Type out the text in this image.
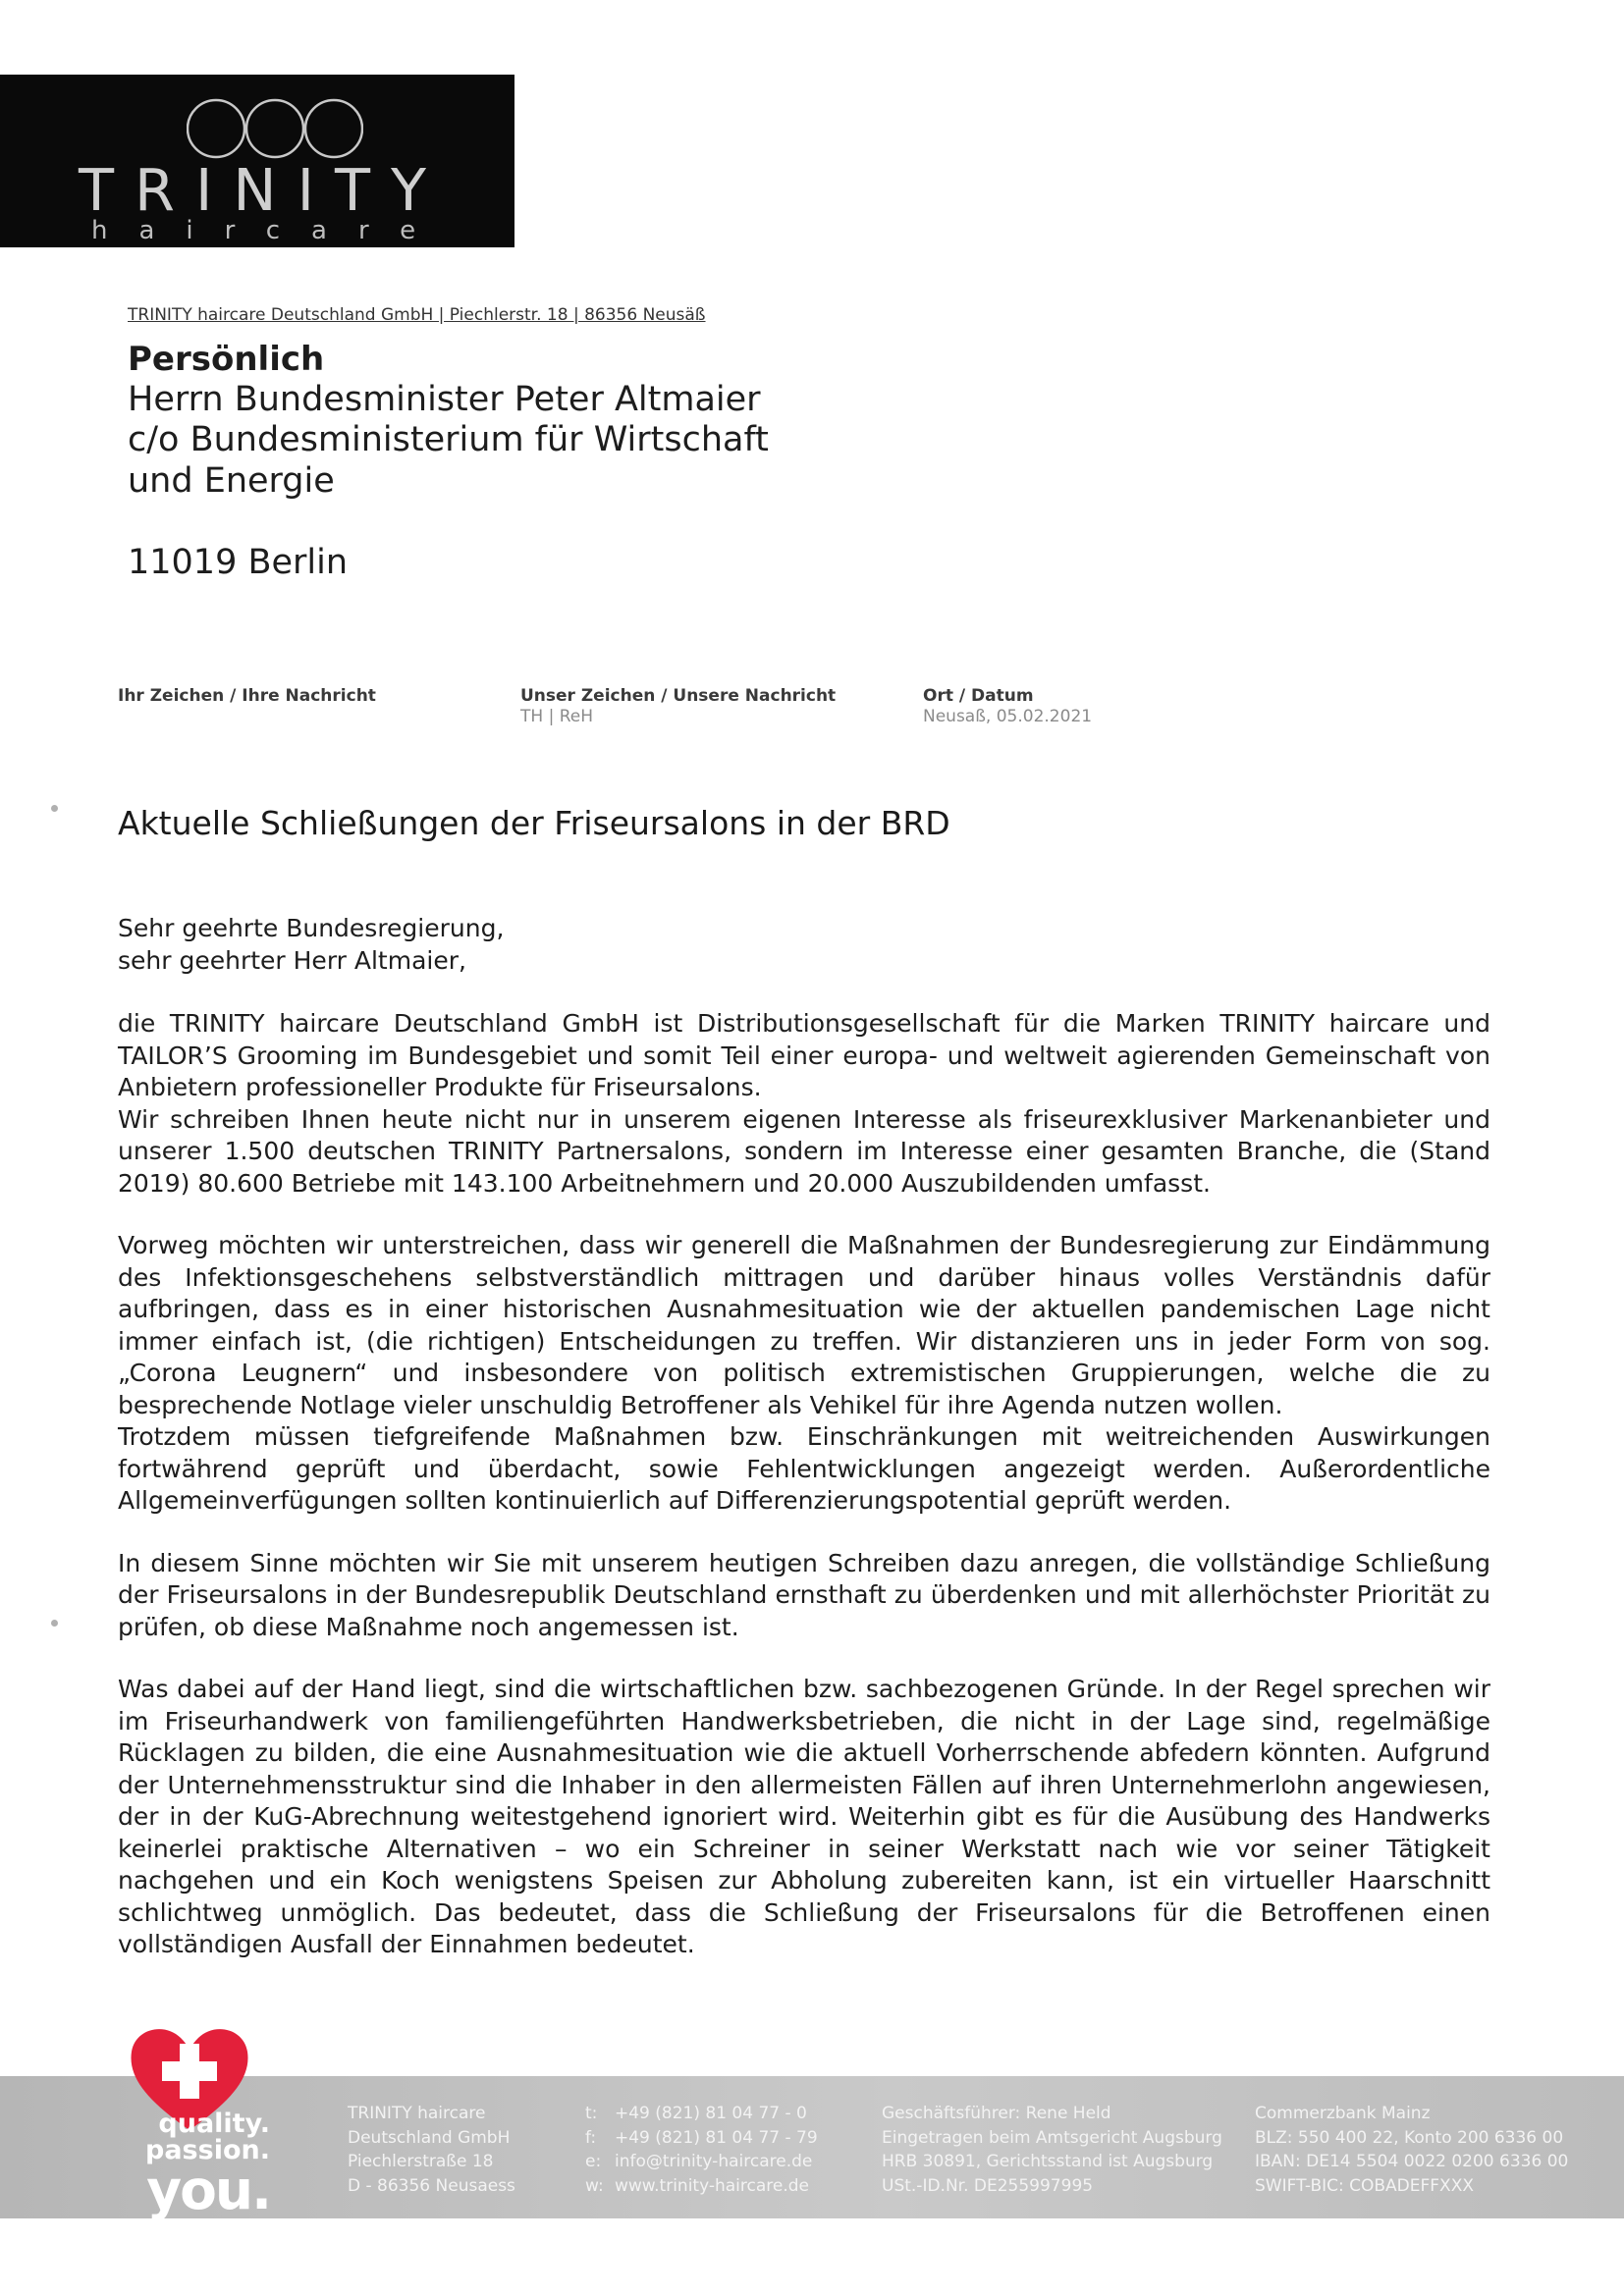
TRINITY
haircare
TRINITY haircare Deutschland GmbH | Piechlerstr. 18 | 86356 Neusäß
Persönlich
Herrn Bundesminister Peter Altmaier
c/o Bundesministerium für Wirtschaft
und Energie
11019 Berlin
Ihr Zeichen / Ihre Nachricht	Unser Zeichen / Unsere Nachricht
TH | ReH
Ort / Datum
Neusaß, 05.02.2021
Aktuelle Schließungen der Friseursalons in der BRD

Sehr geehrte Bundesregierung,

sehr geehrter Herr Altmaier,

die TRINITY haircare Deutschland GmbH ist Distributionsgesellschaft für die Marken TRINITY haircare und TAILOR’S Grooming im Bundesgebiet und somit Teil einer europa- und weltweit agierenden Gemeinschaft von Anbietern professioneller Produkte für Friseursalons.

Wir schreiben Ihnen heute nicht nur in unserem eigenen Interesse als friseurexklusiver Markenanbieter und unserer 1.500 deutschen TRINITY Partnersalons, sondern im Interesse einer gesamten Branche, die (Stand 2019) 80.600 Betriebe mit 143.100 Arbeitnehmern und 20.000 Auszubildenden umfasst.

Vorweg möchten wir unterstreichen, dass wir generell die Maßnahmen der Bundesregierung zur Eindämmung des Infektionsgeschehens selbstverständlich mittragen und darüber hinaus volles Verständnis dafür aufbringen, dass es in einer historischen Ausnahmesituation wie der aktuellen pandemischen Lage nicht immer einfach ist, (die richtigen) Entscheidungen zu treffen. Wir distanzieren uns in jeder Form von sog. „Corona Leugnern“ und insbesondere von politisch extremistischen Gruppierungen, welche die zu besprechende Notlage vieler unschuldig Betroffener als Vehikel für ihre Agenda nutzen wollen.

Trotzdem müssen tiefgreifende Maßnahmen bzw. Einschränkungen mit weitreichenden Auswirkungen fortwährend geprüft und überdacht, sowie Fehlentwicklungen angezeigt werden. Außerordentliche Allgemeinverfügungen sollten kontinuierlich auf Differenzierungspotential geprüft werden.

In diesem Sinne möchten wir Sie mit unserem heutigen Schreiben dazu anregen, die vollständige Schließung der Friseursalons in der Bundesrepublik Deutschland ernsthaft zu überdenken und mit allerhöchster Priorität zu prüfen, ob diese Maßnahme noch angemessen ist.

Was dabei auf der Hand liegt, sind die wirtschaftlichen bzw. sachbezogenen Gründe. In der Regel sprechen wir im Friseurhandwerk von familiengeführten Handwerksbetrieben, die nicht in der Lage sind, regelmäßige Rücklagen zu bilden, die eine Ausnahmesituation wie die aktuell Vorherrschende abfedern könnten. Aufgrund der Unternehmensstruktur sind die Inhaber in den allermeisten Fällen auf ihren Unternehmerlohn angewiesen, der in der KuG-Abrechnung weitestgehend ignoriert wird. Weiterhin gibt es für die Ausübung des Handwerks keinerlei praktische Alternativen – wo ein Schreiner in seiner Werkstatt nach wie vor seiner Tätigkeit nachgehen und ein Koch wenigstens Speisen zur Abholung zubereiten kann, ist ein virtueller Haarschnitt schlichtweg unmöglich. Das bedeutet, dass die Schließung der Friseursalons für die Betroffenen einen vollständigen Ausfall der Einnahmen bedeutet.

TRINITY haircare
Deutschland GmbH
Piechlerstraße 18
D - 86356 Neusaess
t: +49 (821) 81 04 77 - 0
f: +49 (821) 81 04 77 - 79
e: info@trinity-haircare.de
w: www.trinity-haircare.de
Geschäftsführer: Rene Held
Eingetragen beim Amtsgericht Augsburg
HRB 30891, Gerichtsstand ist Augsburg
USt.-ID.Nr. DE255997995
Commerzbank Mainz
BLZ: 550 400 22, Konto 200 6336 00
IBAN: DE14 5504 0022 0200 6336 00
SWIFT-BIC: COBADEFFXXX
quality.
passion.
you.
